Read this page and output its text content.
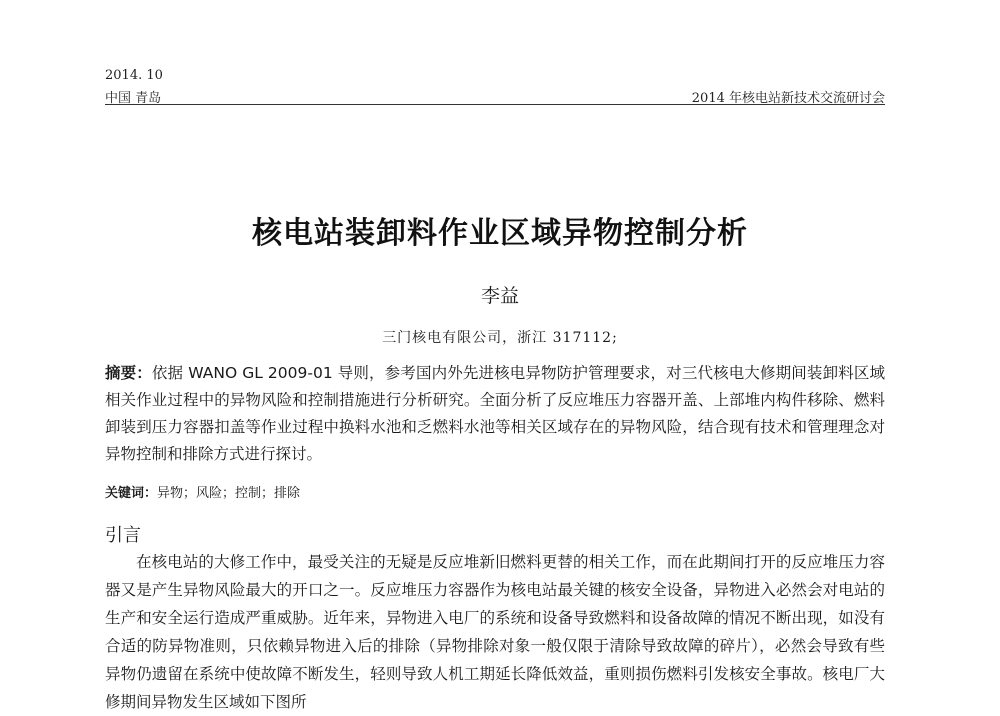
2014. 10
中国 青岛	2014 年核电站新技术交流研讨会
核电站装卸料作业区域异物控制分析
李益
三门核电有限公司，浙江 317112;
摘要：依据 WANO GL 2009-01 导则，参考国内外先进核电异物防护管理要求，对三代核电大修期间装卸料区域相关作业过程中的异物风险和控制措施进行分析研究。全面分析了反应堆压力容器开盖、上部堆内构件移除、燃料卸装到压力容器扣盖等作业过程中换料水池和乏燃料水池等相关区域存在的异物风险，结合现有技术和管理理念对异物控制和排除方式进行探讨。
关键词：异物；风险；控制；排除
引言
在核电站的大修工作中，最受关注的无疑是反应堆新旧燃料更替的相关工作，而在此期间打开的反应堆压力容器又是产生异物风险最大的开口之一。反应堆压力容器作为核电站最关键的核安全设备，异物进入必然会对电站的生产和安全运行造成严重威胁。近年来，异物进入电厂的系统和设备导致燃料和设备故障的情况不断出现，如没有合适的防异物准则，只依赖异物进入后的排除（异物排除对象一般仅限于清除导致故障的碎片），必然会导致有些异物仍遗留在系统中使故障不断发生，轻则导致人机工期延长降低效益，重则损伤燃料引发核安全事故。核电厂大修期间异物发生区域如下图所
